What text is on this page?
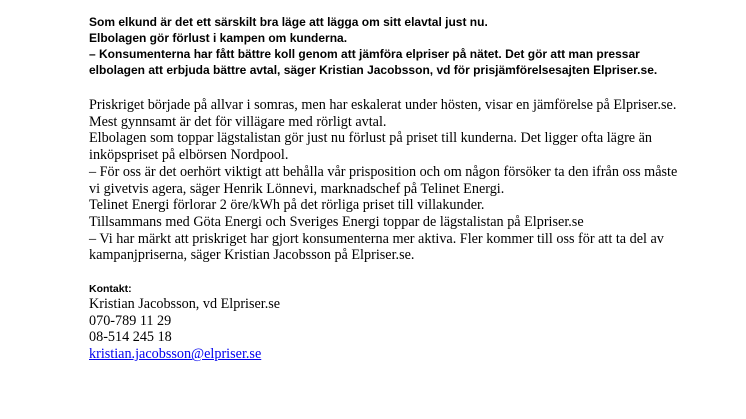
Som elkund är det ett särskilt bra läge att lägga om sitt elavtal just nu.

Elbolagen gör förlust i kampen om kunderna.

– Konsumenterna har fått bättre koll genom att jämföra elpriser på nätet. Det gör att man pressar elbolagen att erbjuda bättre avtal, säger Kristian Jacobsson, vd för prisjämförelsesajten Elpriser.se.

Priskriget började på allvar i somras, men har eskalerat under hösten, visar en jämförelse på Elpriser.se. Mest gynnsamt är det för villägare med rörligt avtal.

Elbolagen som toppar lägstalistan gör just nu förlust på priset till kunderna. Det ligger ofta lägre än inköpspriset på elbörsen Nordpool.

– För oss är det oerhört viktigt att behålla vår prisposition och om någon försöker ta den ifrån oss måste vi givetvis agera, säger Henrik Lönnevi, marknadschef på Telinet Energi.

Telinet Energi förlorar 2 öre/kWh på det rörliga priset till villakunder.

Tillsammans med Göta Energi och Sveriges Energi toppar de lägstalistan på Elpriser.se

– Vi har märkt att priskriget har gjort konsumenterna mer aktiva. Fler kommer till oss för att ta del av kampanjpriserna, säger Kristian Jacobsson på Elpriser.se.

Kontakt:

Kristian Jacobsson, vd Elpriser.se

070-789 11 29

08-514 245 18

kristian.jacobsson@elpriser.se
